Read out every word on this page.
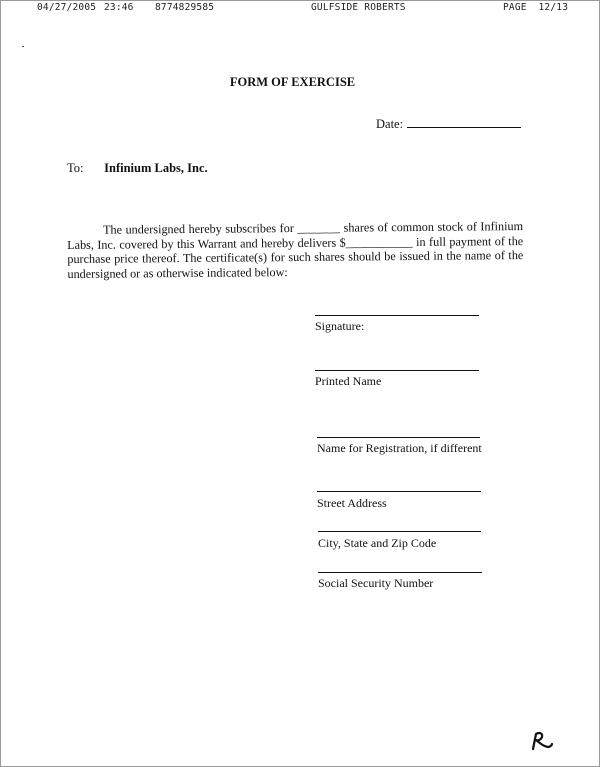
04/27/2005 23:46 8774829585	GULFSIDE ROBERTS	PAGE  12/13
FORM OF EXERCISE
Date:
To: Infinium Labs, Inc.
The undersigned hereby subscribes for _______ shares of common stock of Infinium Labs, Inc. covered by this Warrant and hereby delivers $___________ in full payment of the purchase price thereof. The certificate(s) for such shares should be issued in the name of the undersigned or as otherwise indicated below:
Signature:
Printed Name
Name for Registration, if different
Street Address
City, State and Zip Code
Social Security Number
